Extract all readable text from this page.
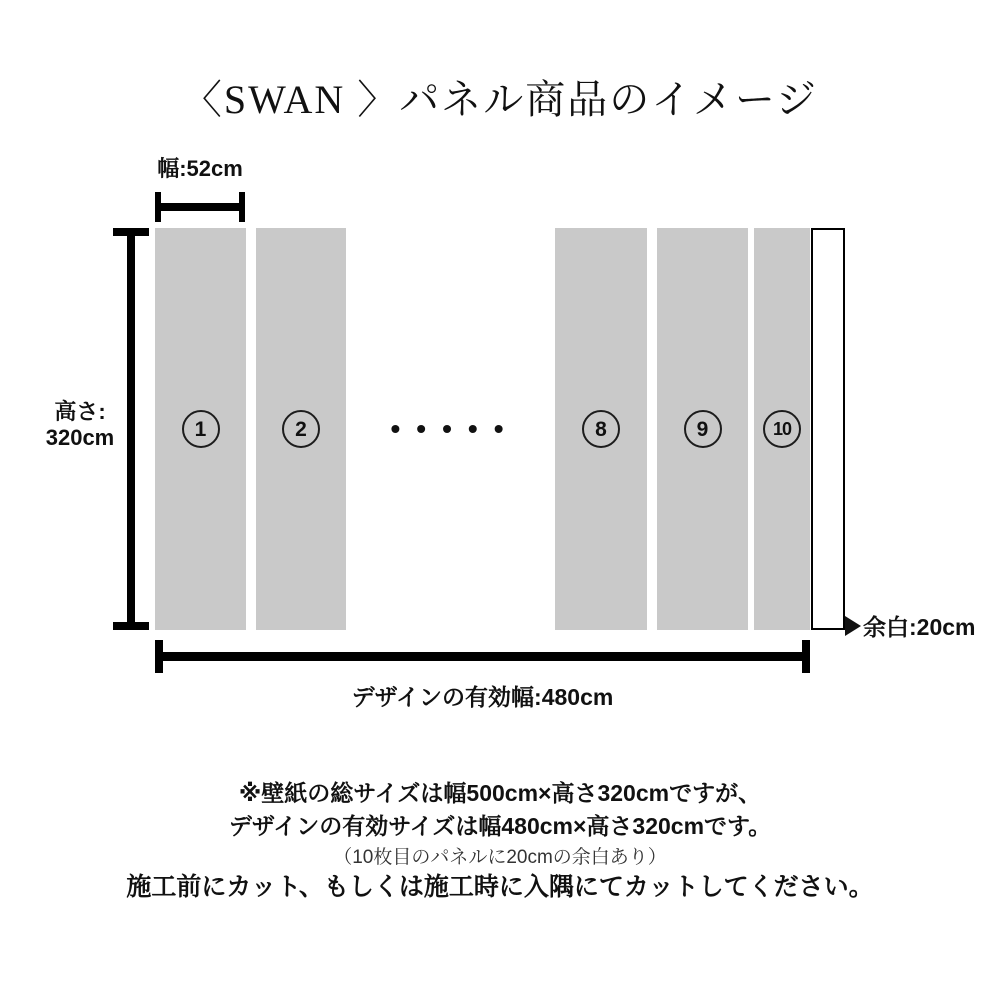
〈SWAN 〉パネル商品のイメージ
幅:52cm
高さ:
320cm	1	2	•••••	8	9	10
余白:20cm
デザインの有効幅:480cm
※壁紙の総サイズは幅500cm×高さ320cmですが、
デザインの有効サイズは幅480cm×高さ320cmです。
（10枚目のパネルに20cmの余白あり）
施工前にカット、もしくは施工時に入隅にてカットしてください。
